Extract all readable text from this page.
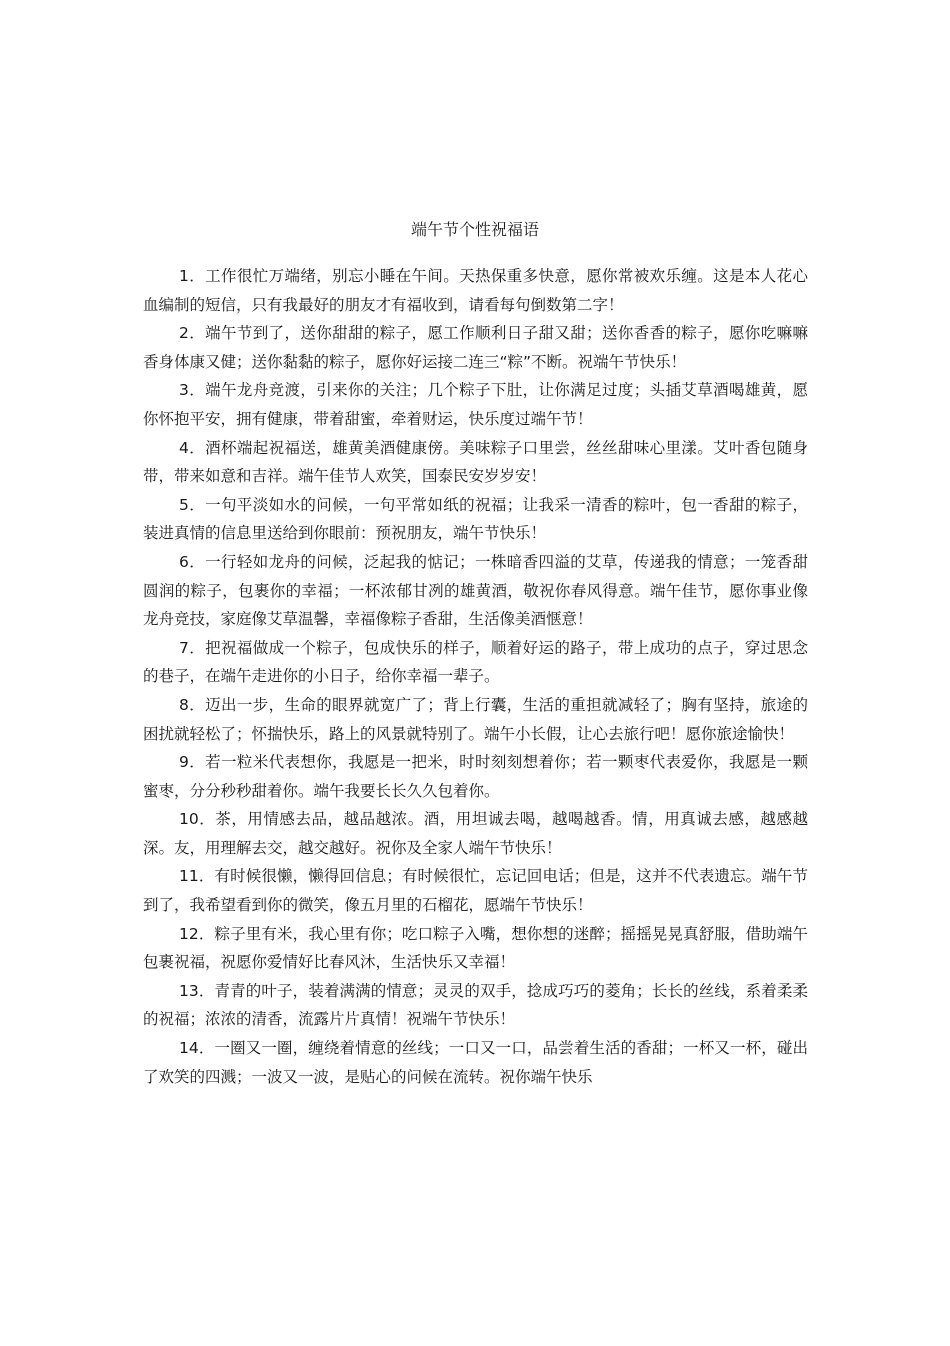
端午节个性祝福语

1．工作很忙万端绪，别忘小睡在午间。天热保重多快意，愿你常被欢乐缠。这是本人花心血编制的短信，只有我最好的朋友才有福收到，请看每句倒数第二字！

2．端午节到了，送你甜甜的粽子，愿工作顺利日子甜又甜；送你香香的粽子，愿你吃嘛嘛香身体康又健；送你黏黏的粽子，愿你好运接二连三“粽”不断。祝端午节快乐！

3．端午龙舟竞渡，引来你的关注；几个粽子下肚，让你满足过度；头插艾草酒喝雄黄，愿你怀抱平安，拥有健康，带着甜蜜，牵着财运，快乐度过端午节！

4．酒杯端起祝福送，雄黄美酒健康傍。美味粽子口里尝，丝丝甜味心里漾。艾叶香包随身带，带来如意和吉祥。端午佳节人欢笑，国泰民安岁岁安！

5．一句平淡如水的问候，一句平常如纸的祝福；让我采一清香的粽叶，包一香甜的粽子，装进真情的信息里送给到你眼前：预祝朋友，端午节快乐！

6．一行轻如龙舟的问候，泛起我的惦记；一株暗香四溢的艾草，传递我的情意；一笼香甜圆润的粽子，包裹你的幸福；一杯浓郁甘冽的雄黄酒，敬祝你春风得意。端午佳节，愿你事业像龙舟竞技，家庭像艾草温馨，幸福像粽子香甜，生活像美酒惬意！

7．把祝福做成一个粽子，包成快乐的样子，顺着好运的路子，带上成功的点子，穿过思念的巷子，在端午走进你的小日子，给你幸福一辈子。

8．迈出一步，生命的眼界就宽广了；背上行囊，生活的重担就减轻了；胸有坚持，旅途的困扰就轻松了；怀揣快乐，路上的风景就特别了。端午小长假，让心去旅行吧！愿你旅途愉快！

9．若一粒米代表想你，我愿是一把米，时时刻刻想着你；若一颗枣代表爱你，我愿是一颗蜜枣，分分秒秒甜着你。端午我要长长久久包着你。

10．茶，用情感去品，越品越浓。酒，用坦诚去喝，越喝越香。情，用真诚去感，越感越深。友，用理解去交，越交越好。祝你及全家人端午节快乐！

11．有时候很懒，懒得回信息；有时候很忙，忘记回电话；但是，这并不代表遗忘。端午节到了，我希望看到你的微笑，像五月里的石榴花，愿端午节快乐！

12．粽子里有米，我心里有你；吃口粽子入嘴，想你想的迷醉；摇摇晃晃真舒服，借助端午包裹祝福，祝愿你爱情好比春风沐，生活快乐又幸福！

13．青青的叶子，装着满满的情意；灵灵的双手，捻成巧巧的菱角；长长的丝线，系着柔柔的祝福；浓浓的清香，流露片片真情！祝端午节快乐！

14．一圈又一圈，缠绕着情意的丝线；一口又一口，品尝着生活的香甜；一杯又一杯，碰出了欢笑的四溅；一波又一波，是贴心的问候在流转。祝你端午快乐
